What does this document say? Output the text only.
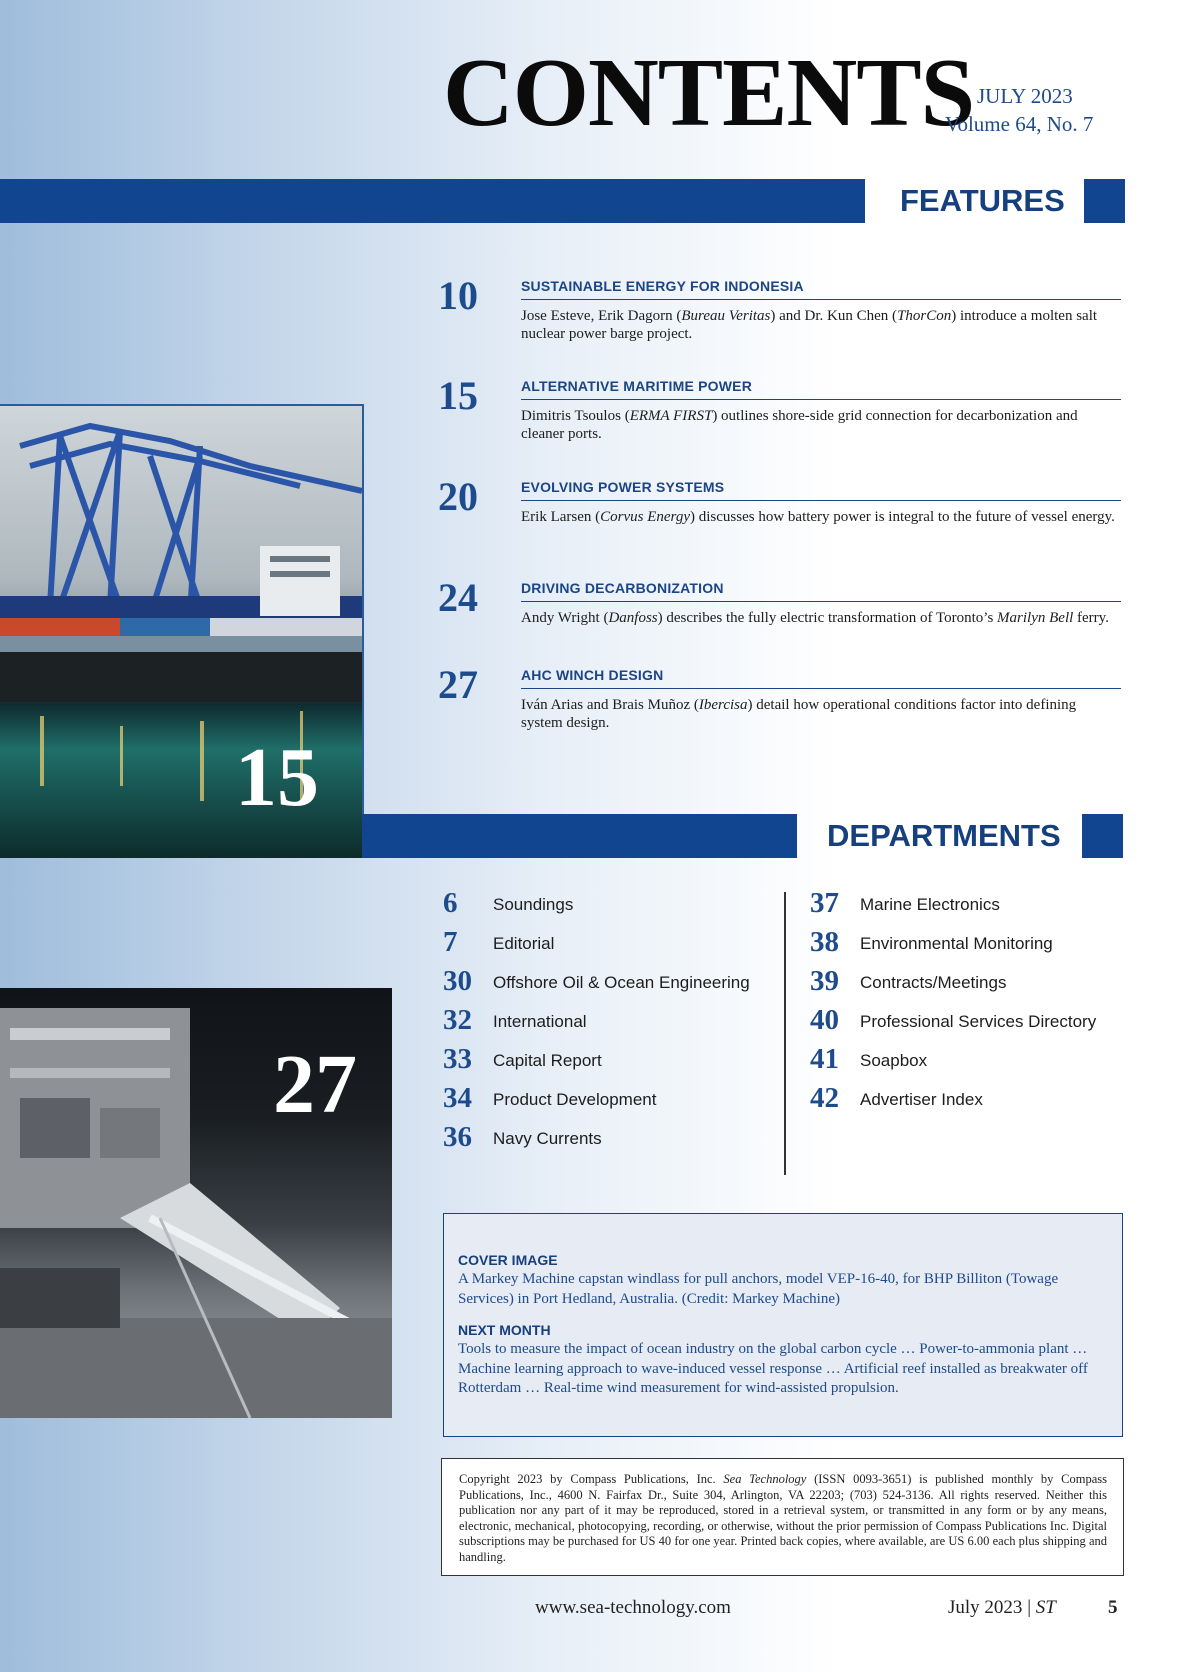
CONTENTS JULY 2023
Volume 64, No. 7
FEATURES
10	SUSTAINABLE ENERGY FOR INDONESIA
Jose Esteve, Erik Dagorn (Bureau Veritas) and Dr. Kun Chen (ThorCon) introduce a molten salt nuclear power barge project.
15	ALTERNATIVE MARITIME POWER
Dimitris Tsoulos (ERMA FIRST) outlines shore-side grid connection for decarbonization and cleaner ports.
20	EVOLVING POWER SYSTEMS
Erik Larsen (Corvus Energy) discusses how battery power is integral to the future of vessel energy.
24	DRIVING DECARBONIZATION
Andy Wright (Danfoss) describes the fully electric transformation of Toronto’s Marilyn Bell ferry.
27	AHC WINCH DESIGN
Iván Arias and Brais Muñoz (Ibercisa) detail how operational conditions factor into defining system design.
15
DEPARTMENTS
6 Soundings
7 Editorial
30 Offshore Oil & Ocean Engineering
32 International
33 Capital Report
34 Product Development
36 Navy Currents
37 Marine Electronics
38 Environmental Monitoring
39 Contracts/Meetings
40 Professional Services Directory
41 Soapbox
42 Advertiser Index
27
COVER IMAGE
A Markey Machine capstan windlass for pull anchors, model VEP-16-40, for BHP Billiton (Towage Services) in Port Hedland, Australia. (Credit: Markey Machine)
NEXT MONTH
Tools to measure the impact of ocean industry on the global carbon cycle … Power-to-ammonia plant … Machine learning approach to wave-induced vessel response … Artificial reef installed as breakwater off Rotterdam … Real-time wind measurement for wind-assisted propulsion.
Copyright 2023 by Compass Publications, Inc. Sea Technology (ISSN 0093-3651) is published monthly by Compass Publications, Inc., 4600 N. Fairfax Dr., Suite 304, Arlington, VA 22203; (703) 524-3136. All rights reserved. Neither this publication nor any part of it may be reproduced, stored in a retrieval system, or transmitted in any form or by any means, electronic, mechanical, photocopying, recording, or otherwise, without the prior permission of Compass Publications Inc. Digital subscriptions may be purchased for US 40 for one year. Printed back copies, where available, are US 6.00 each plus shipping and handling.
www.sea-technology.com	July 2023 | ST	5
